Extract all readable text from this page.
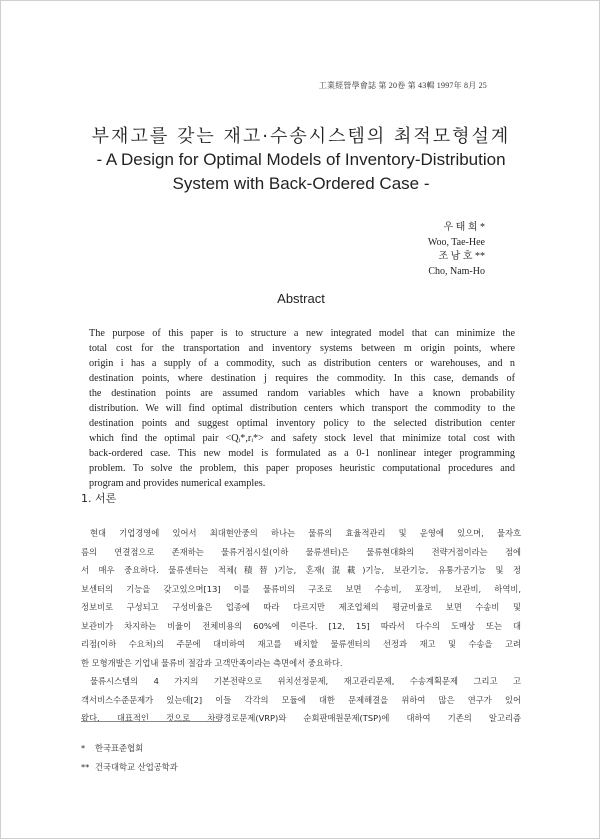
工業經營學會誌 第 20卷 第 43輯 1997年 8月 25
부재고를 갖는 재고·수송시스템의 최적모형설계
- A Design for Optimal Models of Inventory-Distribution
System with Back-Ordered Case -
우 태 희 *
Woo, Tae-Hee
조 남 호 **
Cho, Nam-Ho
Abstract
The purpose of this paper is to structure a new integrated model that can minimize the
total cost for the transportation and inventory systems between m origin points, where
origin i has a supply of a commodity, such as distribution centers or warehouses, and n
destination points, where destination j requires the commodity. In this case, demands of
the destination points are assumed random variables which have a known probability
distribution. We will find optimal distribution centers which transport the commodity to the
destination points and suggest optimal inventory policy to the selected distribution center
which find the optimal pair <Qᵢ*,rᵢ*> and safety stock level that minimize total cost with
back-ordered case. This new model is formulated as a 0-1 nonlinear integer programming
problem. To solve the problem, this paper proposes heuristic computational procedures and
program and provides numerical examples.
1. 서론
현대 기업경영에 있어서 최대현안중의 하나는 물류의 효율적관리 및 운영에 있으며, 물자흐
름의 연결점으로 존재하는 물류거점시설(이하 물류센터)은 물류현대화의 전략거점이라는 점에
서 매우 중요하다. 물류센터는 적체(積替)기능, 혼재(混載)기능, 보관기능, 유통가공기능 및 정
보센터의 기능을 갖고있으며[13] 이를 물류비의 구조로 보면 수송비, 포장비, 보관비, 하역비,
정보비로 구성되고 구성비율은 업종에 따라 다르지만 제조업체의 평균비율로 보면 수송비 및
보관비가 차지하는 비율이 전체비용의 60%에 이른다. [12, 15] 따라서 다수의 도매상 또는 대
리점(이하 수요처)의 주문에 대비하여 재고를 배치할 물류센터의 선정과 재고 및 수송을 고려
한 모형개발은 기업내 물류비 절감과 고객만족이라는 측면에서 중요하다.
물류시스템의 4 가지의 기본전략으로 위치선정문제, 재고관리문제, 수송계획문제 그리고 고
객서비스수준문제가 있는데[2] 이들 각각의 모듈에 대한 문제해결을 위하여 많은 연구가 있어
왔다. 대표적인 것으로 차량경로문제(VRP)와 순회판매원문제(TSP)에 대하여 기존의 알고리즘
* 한국표준협회
** 건국대학교 산업공학과
